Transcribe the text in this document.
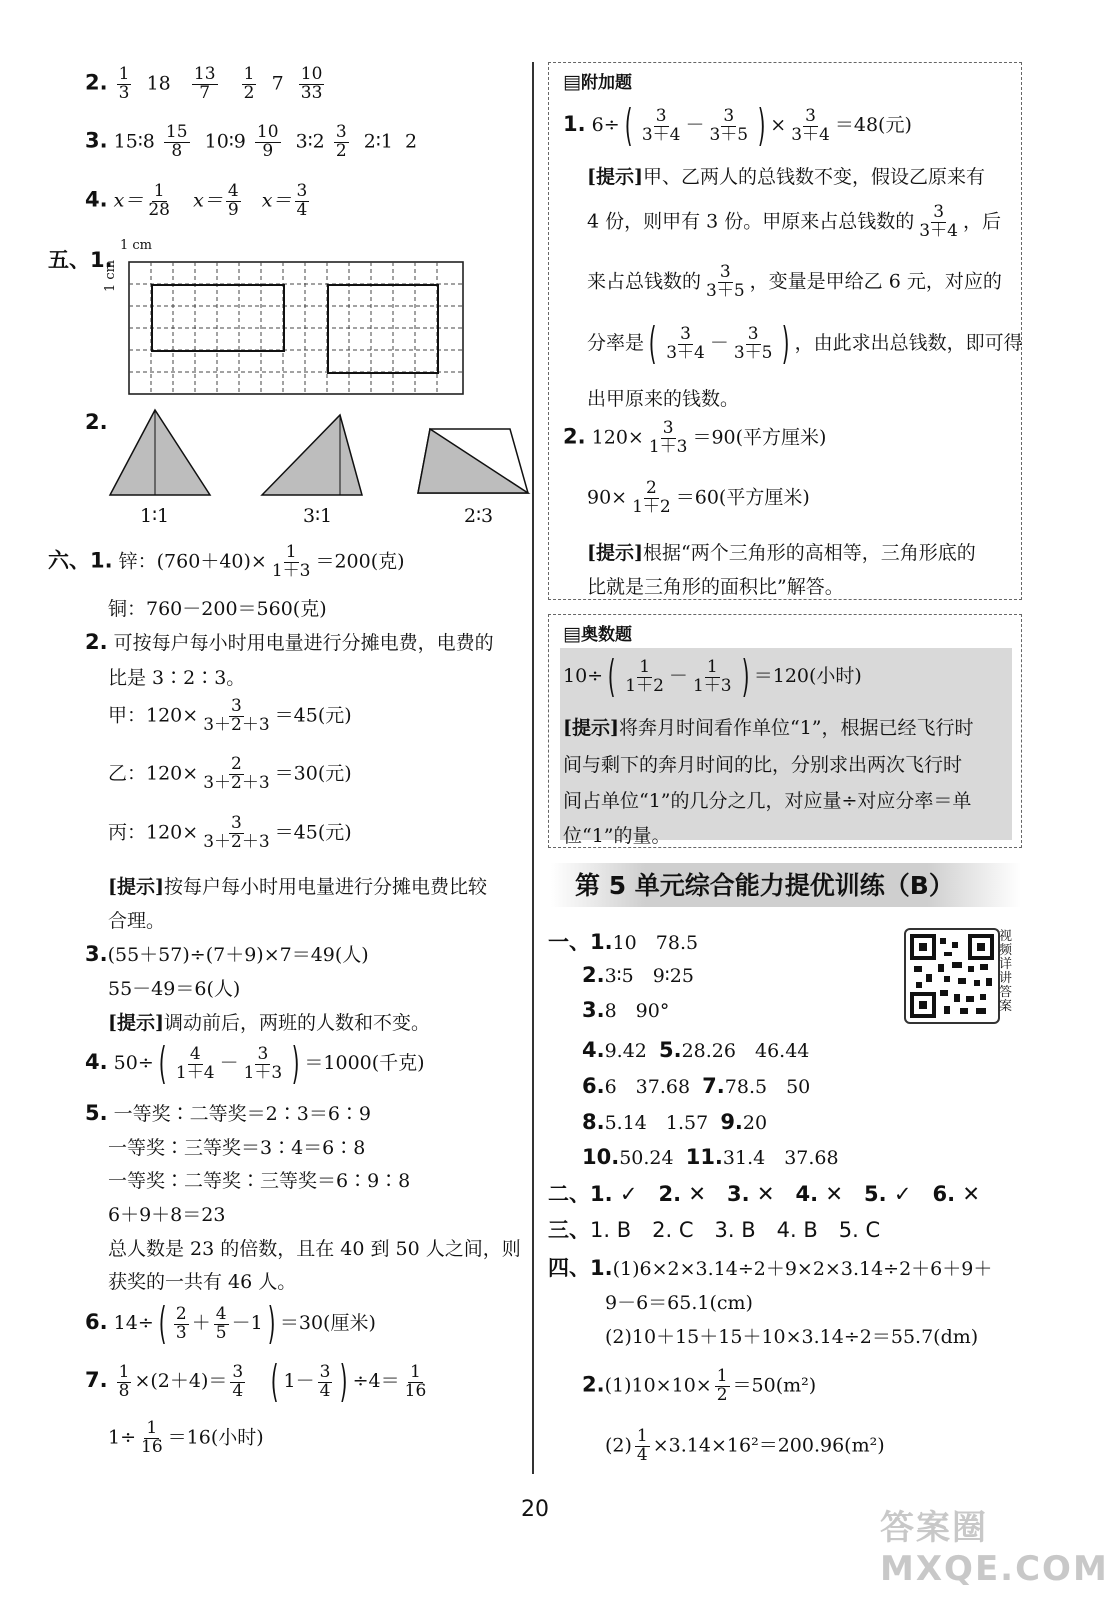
2. $\frac{1}{3} 18 \frac{13}{7}$
$\frac{1}{2} 7 \frac{10}{33}$
3. 15∶8 $\frac{15}{8}$ 10∶9 $\frac{10}{9}$ 3∶2 $\frac{3}{2}$ 2∶1 2
4. $x= \frac{1}{28} x= \frac{4}{9} x= \frac{3}{4}$
五、1.
1 cm
1 cm
2.
1∶1	3∶1	2∶3
六、1. 锌：$(760+40)\times \frac{1}{1+3} =200$(克)
铜：760－200＝560(克)
2. 可按每户每小时用电量进行分摊电费，电费的
比是 3∶2∶3。
甲：$120\times \frac{3}{3+2+3} =45$(元)
乙：$120\times \frac{2}{3+2+3} =30$(元)
丙：$120\times \frac{3}{3+2+3} =45$(元)
[提示]按每户每小时用电量进行分摊电费比较
合理。
3.(55＋57)÷(7＋9)×7＝49(人)
55－49＝6(人)
[提示]调动前后，两班的人数和不变。
4. 50÷ ( $\frac{4}{1+4} - \frac{3}{1+3}$ ) ＝1000(千克)
5. 一等奖∶二等奖＝2∶3＝6∶9
一等奖∶三等奖＝3∶4＝6∶8
一等奖∶二等奖∶三等奖＝6∶9∶8
6＋9＋8＝23
总人数是 23 的倍数，且在 40 到 50 人之间，则
获奖的一共有 46 人。
6. 14÷ ( $\frac{2}{3} + \frac{4}{5} -1$ ) ＝30(厘米)
7. $\frac{1}{8} \times(2+4)= \frac{3}{4}$ ( $1- \frac{3}{4}$ ) $\div 4= \frac{1}{16}$
$1\div \frac{1}{16} =16$(小时)
▤附加题
1. 6÷ ( $\frac{3}{3+4} - \frac{3}{3+5}$ ) × $\frac{3}{3+4} =48$(元)
[提示]甲、乙两人的总钱数不变，假设乙原来有
4 份，则甲有 3 份。甲原来占总钱数的 $\frac{3}{3+4}$ ，后
来占总钱数的 $\frac{3}{3+5}$ ，变量是甲给乙 6 元，对应的
分率是 ( $\frac{3}{3+4} - \frac{3}{3+5}$ ) ，由此求出总钱数，即可得
出甲原来的钱数。
2. $120\times \frac{3}{1+3} =90$(平方厘米)
$90\times \frac{2}{1+2} =60$(平方厘米)
[提示]根据“两个三角形的高相等，三角形底的
比就是三角形的面积比”解答。
▤奥数题
10÷ ( $\frac{1}{1+2} - \frac{1}{1+3}$ ) ＝120(小时)
[提示]将奔月时间看作单位“1”，根据已经飞行时
间与剩下的奔月时间的比，分别求出两次飞行时
间占单位“1”的几分之几，对应量÷对应分率＝单
位“1”的量。
第 5 单元综合能力提优训练（B）
视频详讲答案
一、1.10　78.5
2.3∶5　9∶25
3.8　90°
4.9.42 5.28.26　46.44
6.6　37.68 7.78.5　50
8.5.14　1.57 9.20
10.50.24 11.31.4　37.68
二、1. ✓　2. ✕　3. ✕　4. ✕　5. ✓　6. ✕
三、1. B　2. C　3. B　4. B　5. C
四、1.(1)6×2×3.14÷2＋9×2×3.14÷2＋6＋9＋
9－6＝65.1(cm)
(2)10＋15＋15＋10×3.14÷2＝55.7(dm)
$2.(1)10\times 10\times \frac{1}{2} =50(m^2)$
$(2) \frac{1}{4} \times 3.14\times 16^2=200.96(m^2)$
20	答案圈 MXQE.COM
